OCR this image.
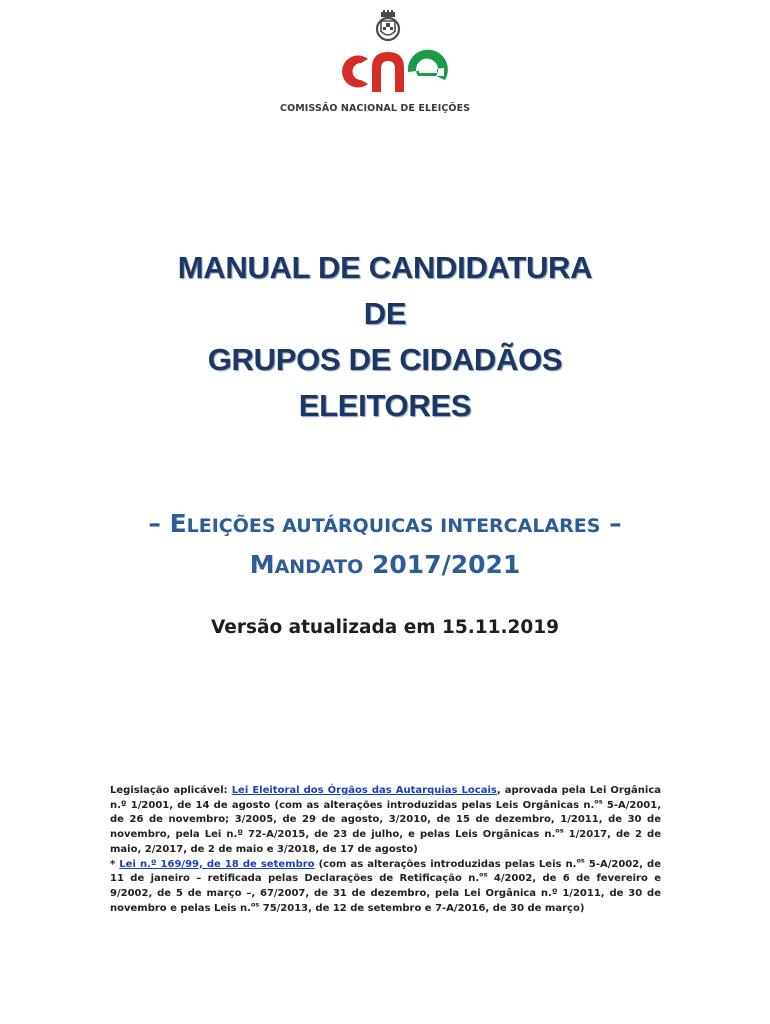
COMISSÃO NACIONAL DE ELEIÇÕES
MANUAL DE CANDIDATURA
DE
GRUPOS DE CIDADÃOS
ELEITORES
– ELEIÇÕES AUTÁRQUICAS INTERCALARES –
MANDATO 2017/2021
Versão atualizada em 15.11.2019

Legislação aplicável: Lei Eleitoral dos Órgãos das Autarquias Locais, aprovada pela Lei Orgânica n.º 1/2001, de 14 de agosto (com as alterações introduzidas pelas Leis Orgânicas n.$^{os}$ 5-A/2001, de 26 de novembro; 3/2005, de 29 de agosto, 3/2010, de 15 de dezembro, 1/2011, de 30 de novembro, pela Lei n.º 72-A/2015, de 23 de julho, e pelas Leis Orgânicas n.$^{os}$ 1/2017, de 2 de maio, 2/2017, de 2 de maio e 3/2018, de 17 de agosto)

* Lei n.º 169/99, de 18 de setembro (com as alterações introduzidas pelas Leis n.$^{os}$ 5-A/2002, de 11 de janeiro – retificada pelas Declarações de Retificação n.$^{os}$ 4/2002, de 6 de fevereiro e 9/2002, de 5 de março –, 67/2007, de 31 de dezembro, pela Lei Orgânica n.º 1/2011, de 30 de novembro e pelas Leis n.$^{os}$ 75/2013, de 12 de setembro e 7-A/2016, de 30 de março)
